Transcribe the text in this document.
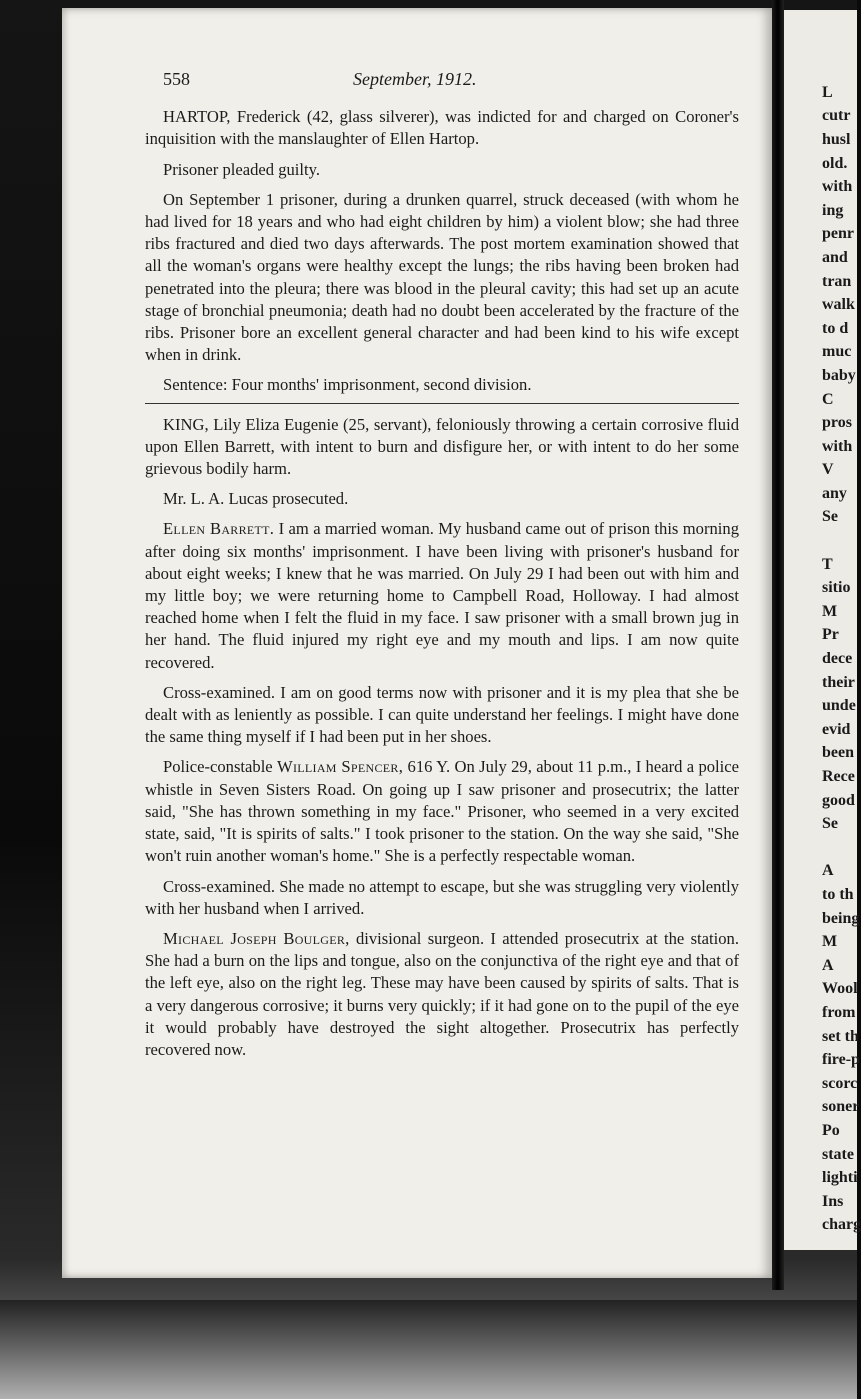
L
cutr
husl
old.
with
ing
penr
and
tran
walk
to d
muc
baby
C
pros
with
V
any
Se

T
sitio
M
Pr
dece
their
unde
evid
been
Rece
good
Se

A
to th
being
M
A
Wool
from
set th
fire-p
scorc
soner
Po
state
lighti
Ins
charg
558	September, 1912.

HARTOP, Frederick (42, glass silverer), was indicted for and charged on Coroner's inquisition with the manslaughter of Ellen Hartop.

Prisoner pleaded guilty.

On September 1 prisoner, during a drunken quarrel, struck deceased (with whom he had lived for 18 years and who had eight children by him) a violent blow; she had three ribs fractured and died two days afterwards. The post mortem examination showed that all the woman's organs were healthy except the lungs; the ribs having been broken had penetrated into the pleura; there was blood in the pleural cavity; this had set up an acute stage of bronchial pneumonia; death had no doubt been accelerated by the fracture of the ribs. Prisoner bore an excellent general character and had been kind to his wife except when in drink.

Sentence: Four months' imprisonment, second division.

KING, Lily Eliza Eugenie (25, servant), feloniously throwing a certain corrosive fluid upon Ellen Barrett, with intent to burn and disfigure her, or with intent to do her some grievous bodily harm.

Mr. L. A. Lucas prosecuted.

Ellen Barrett. I am a married woman. My husband came out of prison this morning after doing six months' imprisonment. I have been living with prisoner's husband for about eight weeks; I knew that he was married. On July 29 I had been out with him and my little boy; we were returning home to Campbell Road, Holloway. I had almost reached home when I felt the fluid in my face. I saw prisoner with a small brown jug in her hand. The fluid injured my right eye and my mouth and lips. I am now quite recovered.

Cross-examined. I am on good terms now with prisoner and it is my plea that she be dealt with as leniently as possible. I can quite understand her feelings. I might have done the same thing myself if I had been put in her shoes.

Police-constable William Spencer, 616 Y. On July 29, about 11 p.m., I heard a police whistle in Seven Sisters Road. On going up I saw prisoner and prosecutrix; the latter said, "She has thrown something in my face." Prisoner, who seemed in a very excited state, said, "It is spirits of salts." I took prisoner to the station. On the way she said, "She won't ruin another woman's home." She is a perfectly respectable woman.

Cross-examined. She made no attempt to escape, but she was struggling very violently with her husband when I arrived.

Michael Joseph Boulger, divisional surgeon. I attended prosecutrix at the station. She had a burn on the lips and tongue, also on the conjunctiva of the right eye and that of the left eye, also on the right leg. These may have been caused by spirits of salts. That is a very dangerous corrosive; it burns very quickly; if it had gone on to the pupil of the eye it would probably have destroyed the sight altogether. Prosecutrix has perfectly recovered now.
